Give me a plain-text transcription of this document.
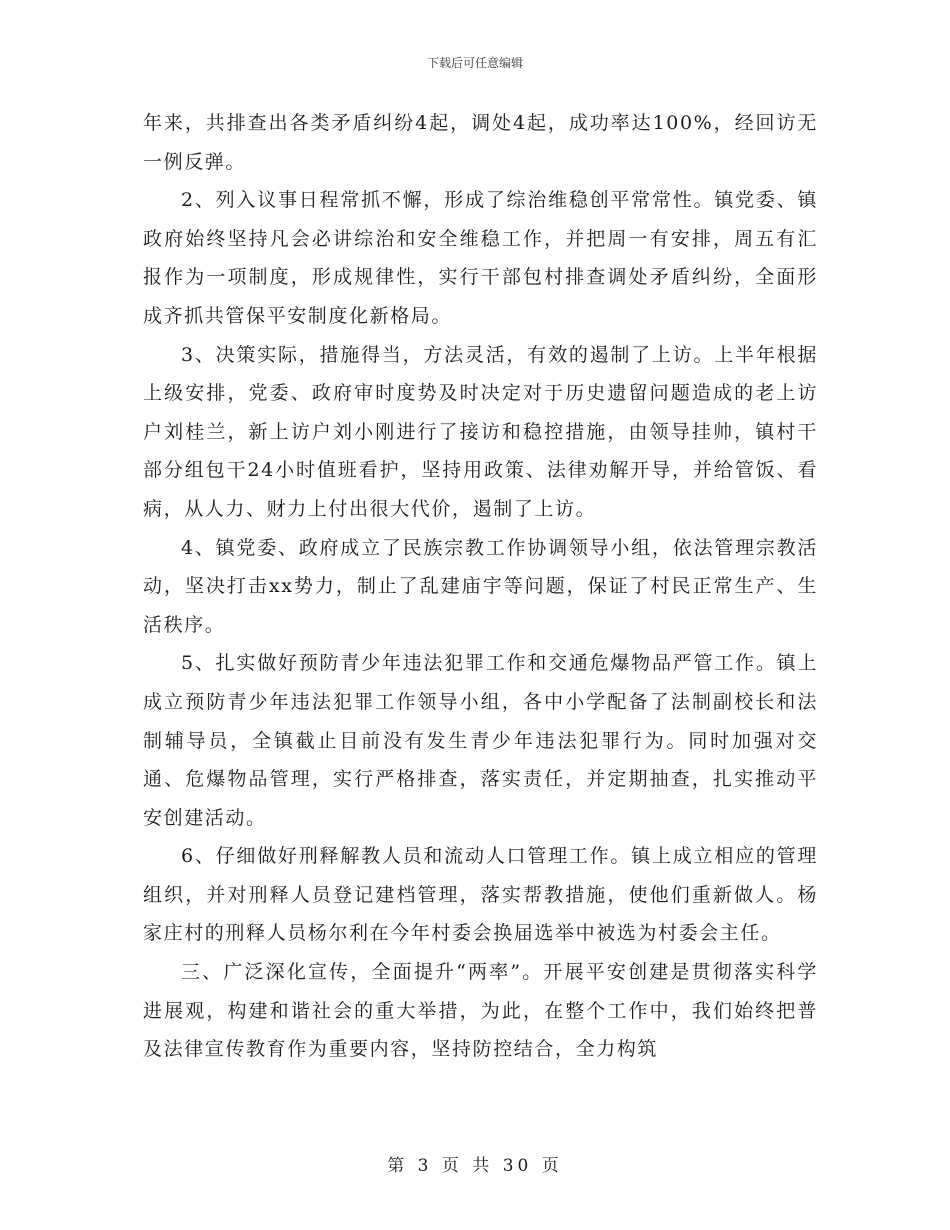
下载后可任意编辑

年来，共排查出各类矛盾纠纷4起，调处4起，成功率达100%，经回访无一例反弹。

2、列入议事日程常抓不懈，形成了综治维稳创平常常性。镇党委、镇政府始终坚持凡会必讲综治和安全维稳工作，并把周一有安排，周五有汇报作为一项制度，形成规律性，实行干部包村排查调处矛盾纠纷，全面形成齐抓共管保平安制度化新格局。

3、决策实际，措施得当，方法灵活，有效的遏制了上访。上半年根据上级安排，党委、政府审时度势及时决定对于历史遗留问题造成的老上访户刘桂兰，新上访户刘小刚进行了接访和稳控措施，由领导挂帅，镇村干部分组包干24小时值班看护，坚持用政策、法律劝解开导，并给管饭、看病，从人力、财力上付出很大代价，遏制了上访。

4、镇党委、政府成立了民族宗教工作协调领导小组，依法管理宗教活动，坚决打击xx势力，制止了乱建庙宇等问题，保证了村民正常生产、生活秩序。

5、扎实做好预防青少年违法犯罪工作和交通危爆物品严管工作。镇上成立预防青少年违法犯罪工作领导小组，各中小学配备了法制副校长和法制辅导员，全镇截止目前没有发生青少年违法犯罪行为。同时加强对交通、危爆物品管理，实行严格排查，落实责任，并定期抽查，扎实推动平安创建活动。

6、仔细做好刑释解教人员和流动人口管理工作。镇上成立相应的管理组织，并对刑释人员登记建档管理，落实帮教措施，使他们重新做人。杨家庄村的刑释人员杨尔利在今年村委会换届选举中被选为村委会主任。

三、广泛深化宣传，全面提升“两率”。开展平安创建是贯彻落实科学进展观，构建和谐社会的重大举措，为此，在整个工作中，我们始终把普及法律宣传教育作为重要内容，坚持防控结合，全力构筑

第 3 页 共 30 页
